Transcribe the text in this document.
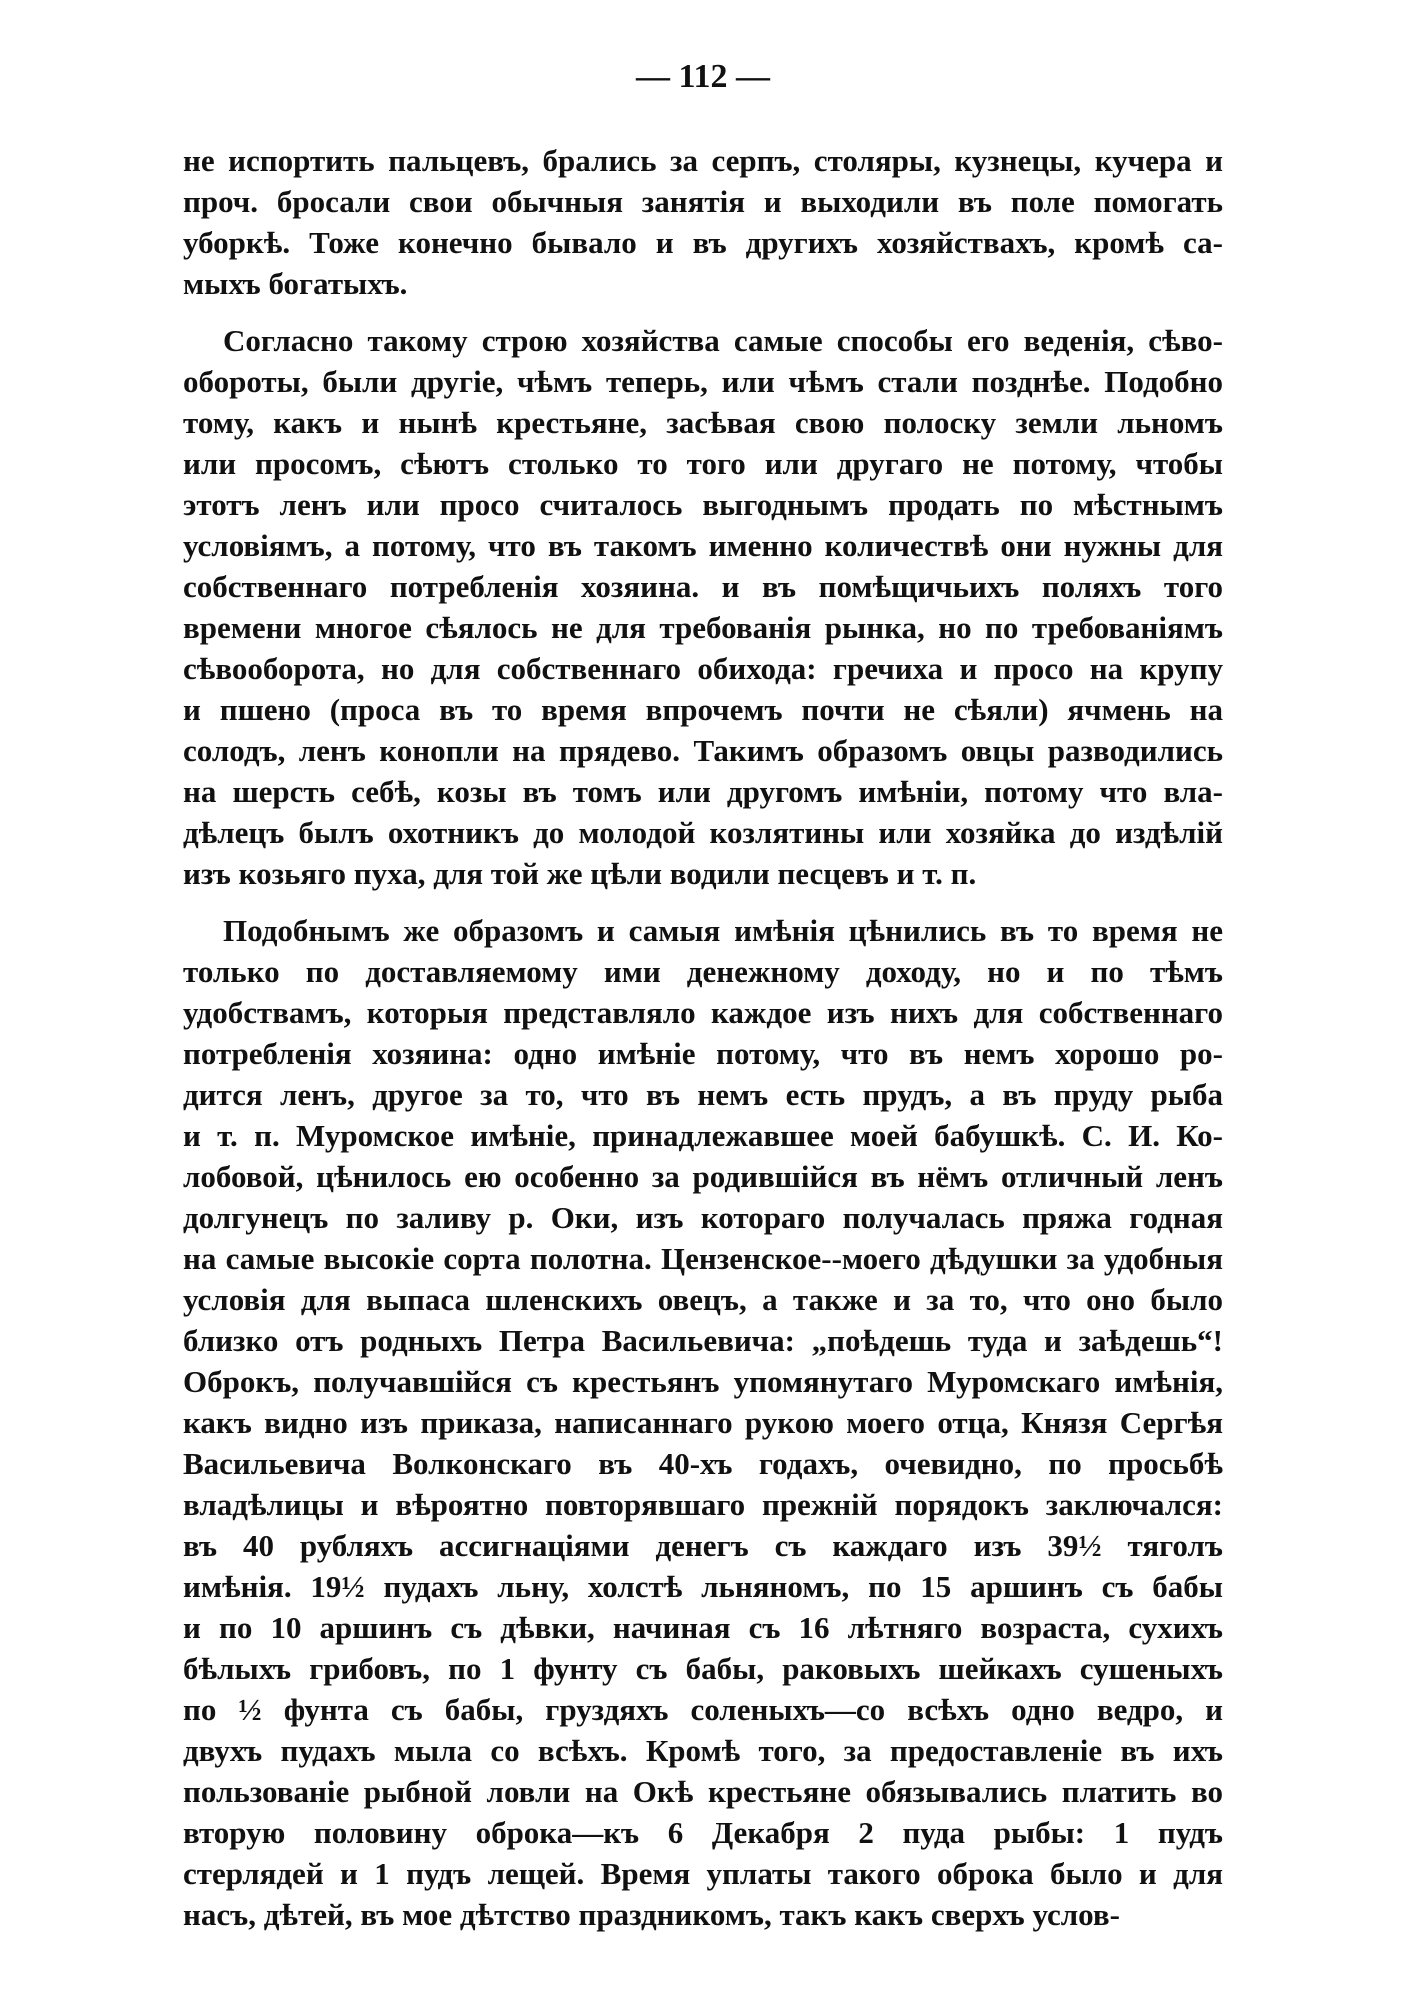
— 112 —
не испортить пальцевъ, брались за серпъ, столяры, кузнецы, кучера и
проч. бросали свои обычныя занятія и выходили въ поле помогать
уборкѣ. Тоже конечно бывало и въ другихъ хозяйствахъ, кромѣ са-
мыхъ богатыхъ.
Согласно такому строю хозяйства самые способы его веденія, сѣво-
обороты, были другіе, чѣмъ теперь, или чѣмъ стали позднѣе. Подобно
тому, какъ и нынѣ крестьяне, засѣвая свою полоску земли льномъ
или просомъ, сѣютъ столько то того или другаго не потому, чтобы
этотъ ленъ или просо считалось выгоднымъ продать по мѣстнымъ
условіямъ, а потому, что въ такомъ именно количествѣ они нужны для
собственнаго потребленія хозяина. и въ помѣщичьихъ поляхъ того
времени многое сѣялось не для требованія рынка, но по требованіямъ
сѣвооборота, но для собственнаго обихода: гречиха и просо на крупу
и пшено (проса въ то время впрочемъ почти не сѣяли) ячмень на
солодъ, ленъ конопли на прядево. Такимъ образомъ овцы разводились
на шерсть себѣ, козы въ томъ или другомъ имѣніи, потому что вла-
дѣлецъ былъ охотникъ до молодой козлятины или хозяйка до издѣлій
изъ козьяго пуха, для той же цѣли водили песцевъ и т. п.
Подобнымъ же образомъ и самыя имѣнія цѣнились въ то время не
только по доставляемому ими денежному доходу, но и по тѣмъ
удобствамъ, которыя представляло каждое изъ нихъ для собственнаго
потребленія хозяина: одно имѣніе потому, что въ немъ хорошо ро-
дится ленъ, другое за то, что въ немъ есть прудъ, а въ пруду рыба
и т. п. Муромское имѣніе, принадлежавшее моей бабушкѣ. С. И. Ко-
лобовой, цѣнилось ею особенно за родившійся въ нёмъ отличный ленъ
долгунецъ по заливу р. Оки, изъ котораго получалась пряжа годная
на самые высокіе сорта полотна. Цензенское--моего дѣдушки за удобныя
условія для выпаса шленскихъ овецъ, а также и за то, что оно было
близко отъ родныхъ Петра Васильевича: „поѣдешь туда и заѣдешь“!
Оброкъ, получавшійся съ крестьянъ упомянутаго Муромскаго имѣнія,
какъ видно изъ приказа, написаннаго рукою моего отца, Князя Сергѣя
Васильевича Волконскаго въ 40-хъ годахъ, очевидно, по просьбѣ
владѣлицы и вѣроятно повторявшаго прежній порядокъ заключался:
въ 40 рубляхъ ассигнаціями денегъ съ каждаго изъ 39½ тяголъ
имѣнія. 19½ пудахъ льну, холстѣ льняномъ, по 15 аршинъ съ бабы
и по 10 аршинъ съ дѣвки, начиная съ 16 лѣтняго возраста, сухихъ
бѣлыхъ грибовъ, по 1 фунту съ бабы, раковыхъ шейкахъ сушеныхъ
по ½ фунта съ бабы, груздяхъ соленыхъ—со всѣхъ одно ведро, и
двухъ пудахъ мыла со всѣхъ. Кромѣ того, за предоставленіе въ ихъ
пользованіе рыбной ловли на Окѣ крестьяне обязывались платить во
вторую половину оброка—къ 6 Декабря 2 пуда рыбы: 1 пудъ
стерлядей и 1 пудъ лещей. Время уплаты такого оброка было и для
насъ, дѣтей, въ мое дѣтство праздникомъ, такъ какъ сверхъ услов-
